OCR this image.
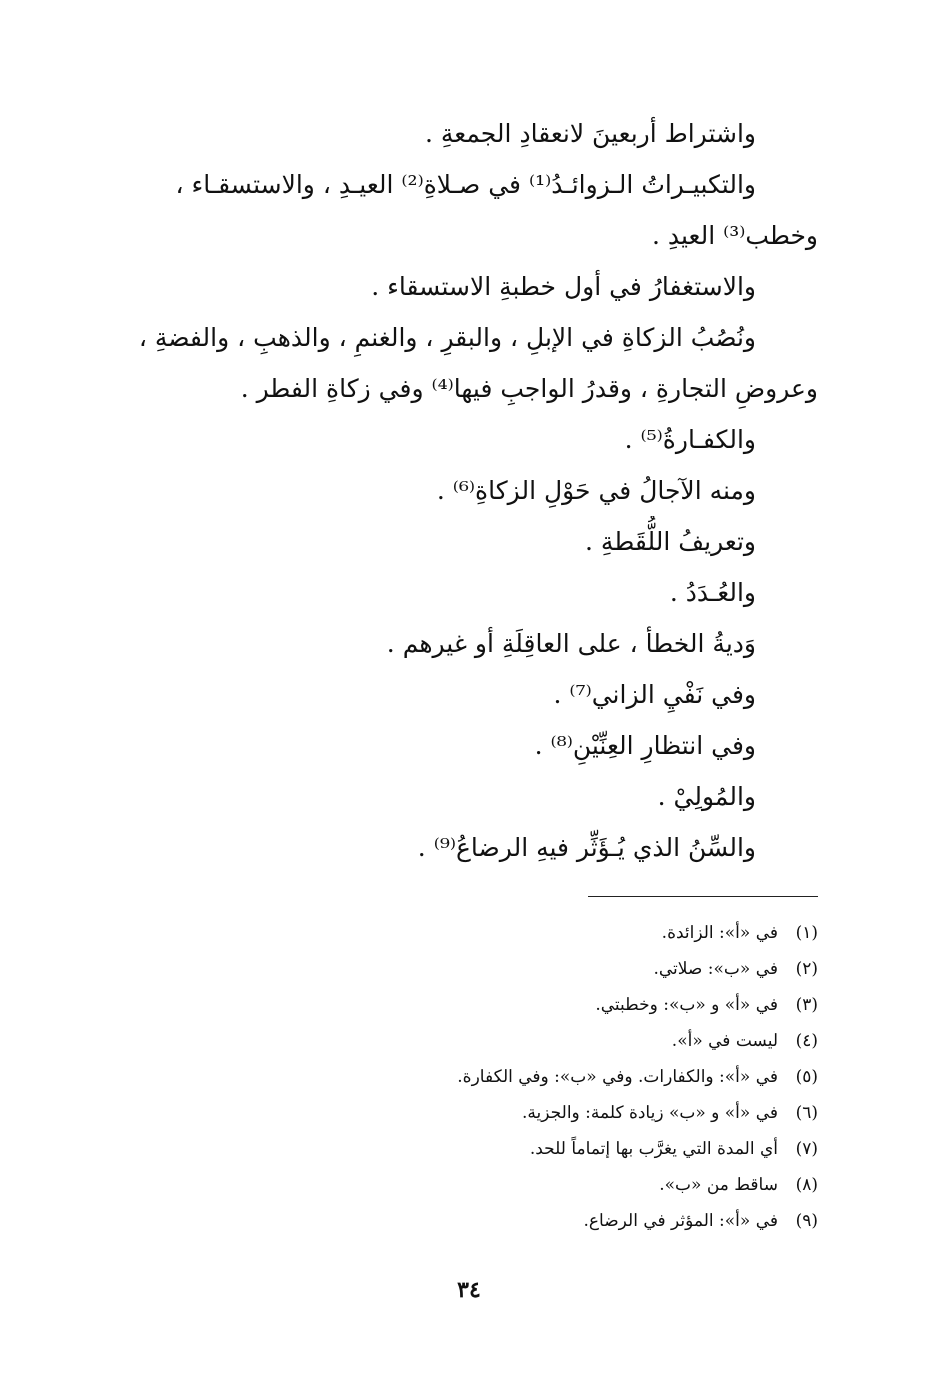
واشتراط أربعينَ لانعقادِ الجمعةِ .
والتكبيـراتُ الـزوائـدُ⁽¹⁾ في صـلاةِ⁽²⁾ العيـدِ ، والاستسقـاء ،
وخطب⁽³⁾ العيدِ .
والاستغفارُ في أول خطبةِ الاستسقاء .
ونُصُبُ الزكاةِ في الإبلِ ، والبقرِ ، والغنمِ ، والذهبِ ، والفضةِ ،
وعروضِ التجارةِ ، وقدرُ الواجبِ فيها⁽⁴⁾ وفي زكاةِ الفطر .
والكفـارةُ⁽⁵⁾ .
ومنه الآجالُ في حَوْلِ الزكاةِ⁽⁶⁾ .
وتعريفُ اللُّقَطةِ .
والعُـدَدُ .
وَديةُ الخطأ ، على العاقِلَةِ أو غيرهم .
وفي نَفْيِ الزاني⁽⁷⁾ .
وفي انتظارِ العِنِّيْنِ⁽⁸⁾ .
والمُولِيْ .
والسِّنُ الذي يُـؤَثِّر فيهِ الرضاعُ⁽⁹⁾ .
(١)في «أ»: الزائدة.
(٢)في «ب»: صلاتي.
(٣)في «أ» و «ب»: وخطبتي.
(٤)ليست في «أ».
(٥)في «أ»: والكفارات. وفي «ب»: وفي الكفارة.
(٦)في «أ» و «ب» زيادة كلمة: والجزية.
(٧)أي المدة التي يغرَّب بها إتماماً للحد.
(٨)ساقط من «ب».
(٩)في «أ»: المؤثر في الرضاع.
٣٤
